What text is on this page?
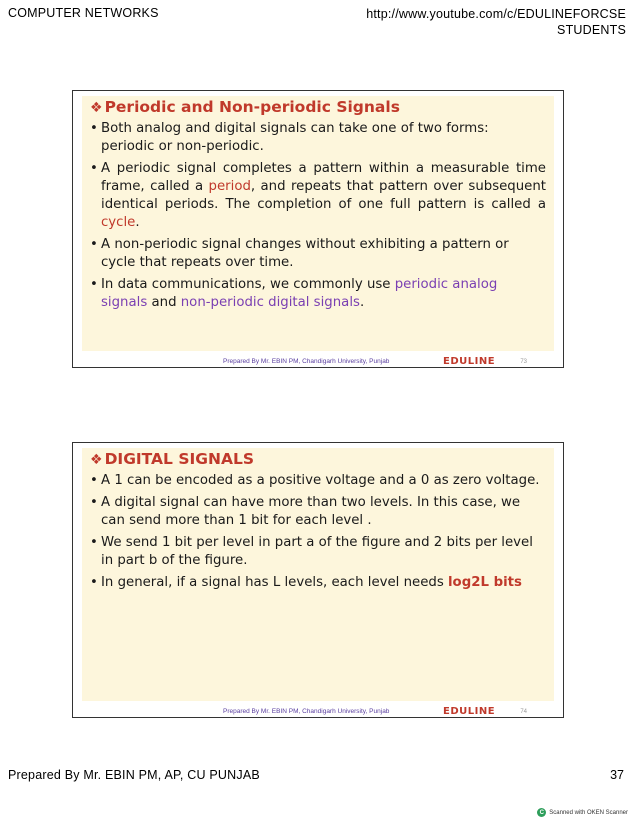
COMPUTER NETWORKS	http://www.youtube.com/c/EDULINEFORCSE
STUDENTS
❖ Periodic and Non-periodic Signals
• Both analog and digital signals can take one of two forms: periodic or non-periodic.
• A periodic signal completes a pattern within a measurable time frame, called a period, and repeats that pattern over subsequent identical periods. The completion of one full pattern is called a cycle.
• A non-periodic signal changes without exhibiting a pattern or cycle that repeats over time.
• In data communications, we commonly use periodic analog signals and non-periodic digital signals.
Prepared By Mr. EBIN PM, Chandigarh University, Punjab	EDULINE	73
❖ DIGITAL SIGNALS
• A 1 can be encoded as a positive voltage and a 0 as zero voltage.
• A digital signal can have more than two levels. In this case, we can send more than 1 bit for each level .
• We send 1 bit per level in part a of the figure and 2 bits per level in part b of the figure.
• In general, if a signal has L levels, each level needs log2L bits
Prepared By Mr. EBIN PM, Chandigarh University, Punjab	EDULINE	74
Prepared By Mr. EBIN PM, AP, CU PUNJAB	37
C Scanned with OKEN Scanner
